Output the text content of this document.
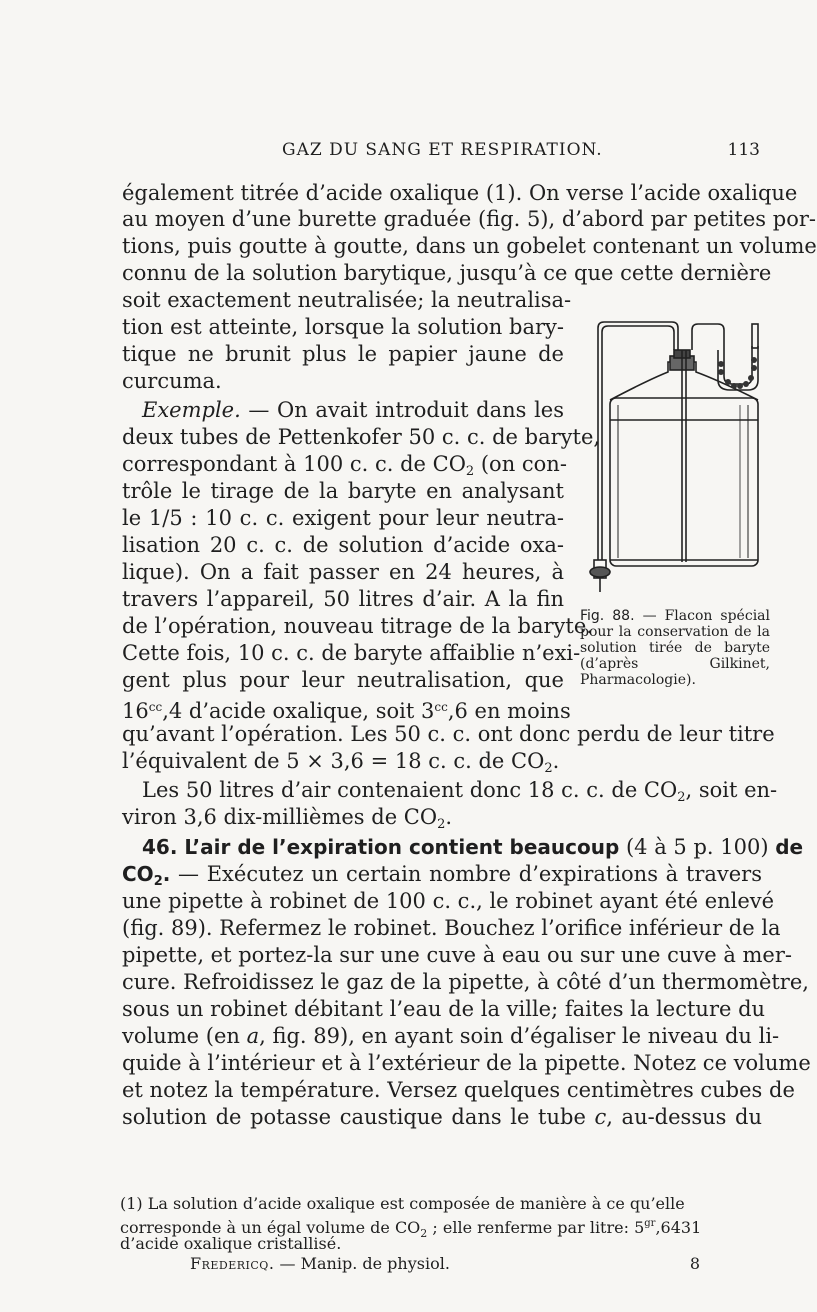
GAZ DU SANG ET RESPIRATION.	113
également titrée d’acide oxalique (1). On verse l’acide oxalique
au moyen d’une burette graduée (fig. 5), d’abord par petites por-
tions, puis goutte à goutte, dans un gobelet contenant un volume
connu de la solution barytique, jusqu’à ce que cette dernière
soit exactement neutralisée; la neutralisa-
tion est atteinte, lorsque la solution bary-
tique ne brunit plus le papier jaune de
curcuma.
Exemple. — On avait introduit dans les
deux tubes de Pettenkofer 50 c. c. de baryte,
correspondant à 100 c. c. de $CO_2$ (on con-
trôle le tirage de la baryte en analysant
le 1/5 : 10 c. c. exigent pour leur neutra-
lisation 20 c. c. de solution d’acide oxa-
lique). On a fait passer en 24 heures, à
travers l’appareil, 50 litres d’air. A la fin
de l’opération, nouveau titrage de la baryte.
Cette fois, 10 c. c. de baryte affaiblie n’exi-
gent plus pour leur neutralisation, que
$16^{cc},4$ d’acide oxalique, soit $3^{cc},6$ en moins
qu’avant l’opération. Les 50 c. c. ont donc perdu de leur titre
l’équivalent de 5 × 3,6 = 18 c. c. de $CO_2$.
Les 50 litres d’air contenaient donc 18 c. c. de $CO_2$, soit en-
viron 3,6 dix-millièmes de $CO_2$.
46. L’air de l’expiration contient beaucoup (4 à 5 p. 100) de
$CO_2$. — Exécutez un certain nombre d’expirations à travers
une pipette à robinet de 100 c. c., le robinet ayant été enlevé
(fig. 89). Refermez le robinet. Bouchez l’orifice inférieur de la
pipette, et portez-la sur une cuve à eau ou sur une cuve à mer-
cure. Refroidissez le gaz de la pipette, à côté d’un thermomètre,
sous un robinet débitant l’eau de la ville; faites la lecture du
volume (en a, fig. 89), en ayant soin d’égaliser le niveau du li-
quide à l’intérieur et à l’extérieur de la pipette. Notez ce volume
et notez la température. Versez quelques centimètres cubes de
solution de potasse caustique dans le tube c, au-dessus du
Fig. 88. — Flacon spécial pour la conservation de la solution tirée de baryte (d’après Gilkinet, Pharmacologie).
(1) La solution d’acide oxalique est composée de manière à ce qu’elle
corresponde à un égal volume de $CO_2$ ; elle renferme par litre: $5^{gr},6431$
d’acide oxalique cristallisé.
Fredericq. — Manip. de physiol.	8
